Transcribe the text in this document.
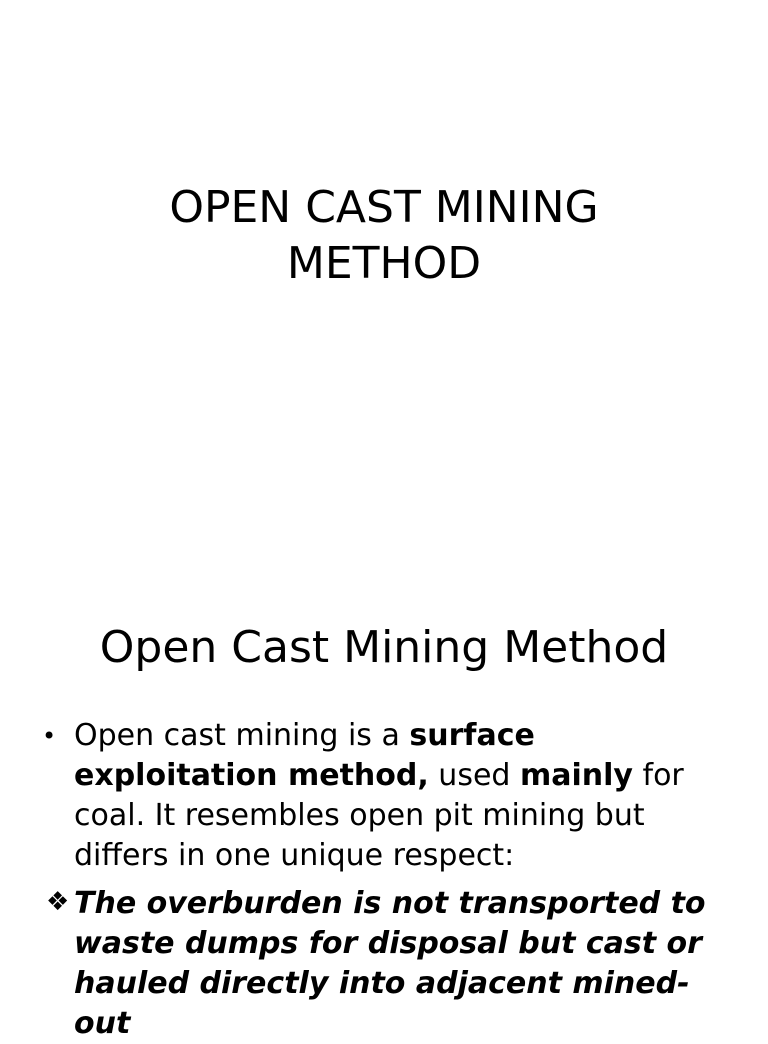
OPEN CAST MINING METHOD
Open Cast Mining Method
• Open cast mining is a surface exploitation method, used mainly for coal. It resembles open pit mining but differs in one unique respect:
❖ The overburden is not transported to waste dumps for disposal but cast or hauled directly into adjacent mined-out
